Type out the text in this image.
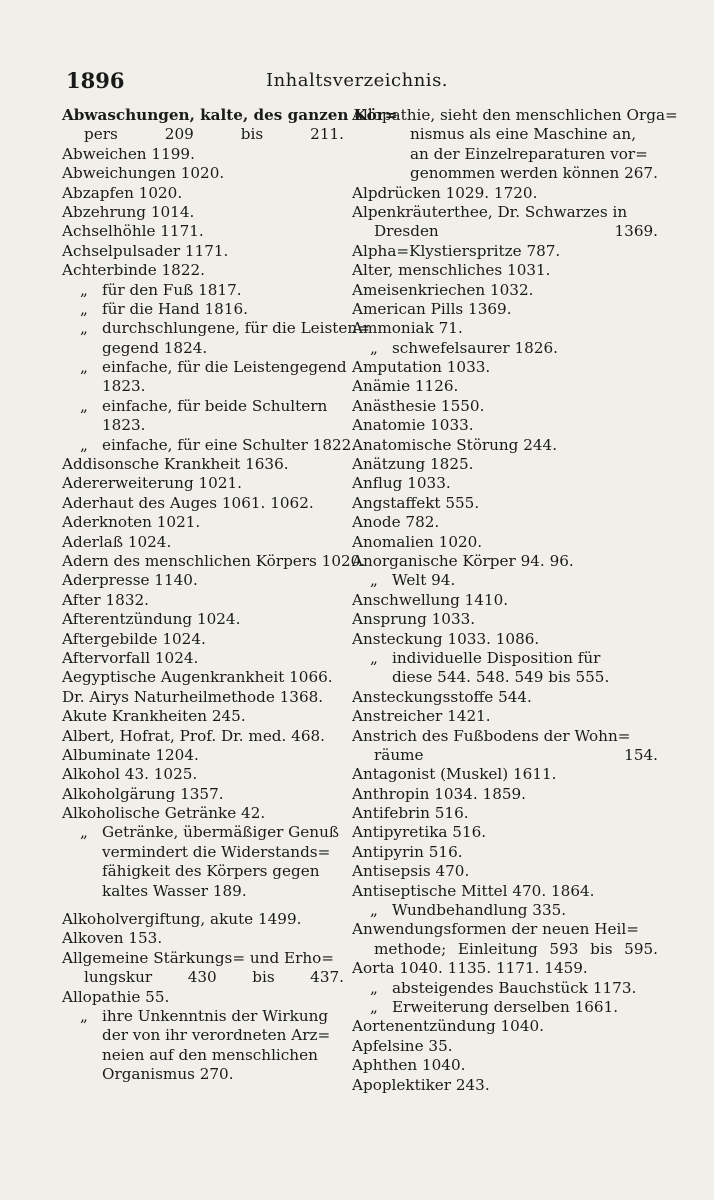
1896	Inhaltsverzeichnis.
Abwaschungen, kalte, des ganzen Kör=
pers 209 bis 211.
Abweichen 1199.
Abweichungen 1020.
Abzapfen 1020.
Abzehrung 1014.
Achselhöhle 1171.
Achselpulsader 1171.
Achterbinde 1822.
„ für den Fuß 1817.
„ für die Hand 1816.
„ durchschlungene, für die Leisten=
gegend 1824.
„ einfache, für die Leistengegend
1823.
„ einfache, für beide Schultern
1823.
„ einfache, für eine Schulter 1822.
Addisonsche Krankheit 1636.
Adererweiterung 1021.
Aderhaut des Auges 1061. 1062.
Aderknoten 1021.
Aderlaß 1024.
Adern des menschlichen Körpers 1020.
Aderpresse 1140.
After 1832.
Afterentzündung 1024.
Aftergebilde 1024.
Aftervorfall 1024.
Aegyptische Augenkrankheit 1066.
Dr. Airys Naturheilmethode 1368.
Akute Krankheiten 245.
Albert, Hofrat, Prof. Dr. med. 468.
Albuminate 1204.
Alkohol 43. 1025.
Alkoholgärung 1357.
Alkoholische Getränke 42.
„ Getränke, übermäßiger Genuß
vermindert die Widerstands=
fähigkeit des Körpers gegen
kaltes Wasser 189.
Alkoholvergiftung, akute 1499.
Alkoven 153.
Allgemeine Stärkungs= und Erho=
lungskur 430 bis 437.
Allopathie 55.
„ ihre Unkenntnis der Wirkung
der von ihr verordneten Arz=
neien auf den menschlichen
Organismus 270.
Allopathie, sieht den menschlichen Orga=
nismus als eine Maschine an,
an der Einzelreparaturen vor=
genommen werden können 267.
Alpdrücken 1029. 1720.
Alpenkräuterthee, Dr. Schwarzes in
Dresden 1369.
Alpha=Klystierspritze 787.
Alter, menschliches 1031.
Ameisenkriechen 1032.
American Pills 1369.
Ammoniak 71.
„ schwefelsaurer 1826.
Amputation 1033.
Anämie 1126.
Anästhesie 1550.
Anatomie 1033.
Anatomische Störung 244.
Anätzung 1825.
Anflug 1033.
Angstaffekt 555.
Anode 782.
Anomalien 1020.
Anorganische Körper 94. 96.
„ Welt 94.
Anschwellung 1410.
Ansprung 1033.
Ansteckung 1033. 1086.
„ individuelle Disposition für
diese 544. 548. 549 bis 555.
Ansteckungsstoffe 544.
Anstreicher 1421.
Anstrich des Fußbodens der Wohn=
räume 154.
Antagonist (Muskel) 1611.
Anthropin 1034. 1859.
Antifebrin 516.
Antipyretika 516.
Antipyrin 516.
Antisepsis 470.
Antiseptische Mittel 470. 1864.
„ Wundbehandlung 335.
Anwendungsformen der neuen Heil=
methode; Einleitung 593 bis 595.
Aorta 1040. 1135. 1171. 1459.
„ absteigendes Bauchstück 1173.
„ Erweiterung derselben 1661.
Aortenentzündung 1040.
Apfelsine 35.
Aphthen 1040.
Apoplektiker 243.
